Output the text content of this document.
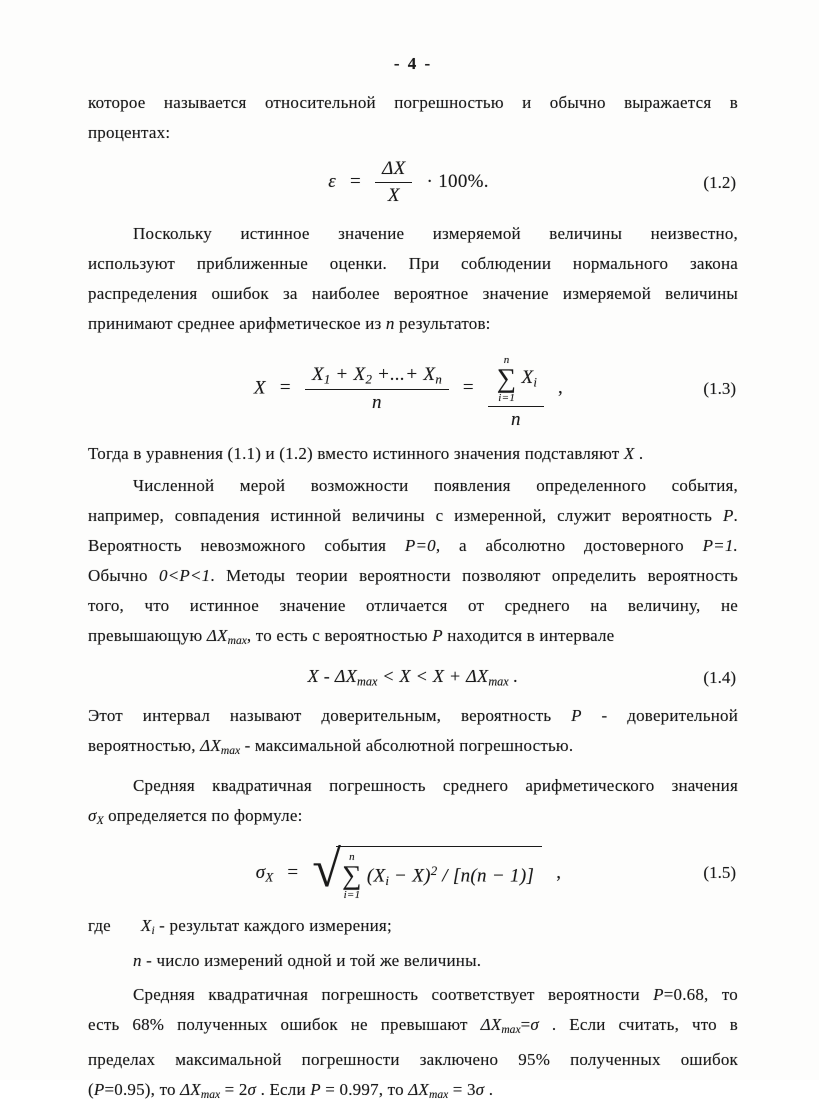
- 4 -
которое называется относительной погрешностью и обычно выражается в
процентах:
$\varepsilon = \frac{\Delta X}{X} \cdot 100\%$.	(1.2)
Поскольку истинное значение измеряемой величины неизвестно,
используют приближенные оценки. При соблюдении нормального закона
распределения ошибок за наиболее вероятное значение измеряемой величины
принимают среднее арифметическое из n результатов:
$X = \frac{X1 + X2 +...+ Xn}{n}$ =
n
∑
i=1
Xi
n
,	(1.3)
Тогда в уравнения (1.1) и (1.2) вместо истинного значения подставляют X .
Численной мерой возможности появления определенного события,
например, совпадения истинной величины с измеренной, служит вероятность P.
Вероятность невозможного события P=0, а абсолютно достоверного P=1.
Обычно 0<P<1. Методы теории вероятности позволяют определить вероятность
того, что истинное значение отличается от среднего на величину, не
превышающую ΔXmax, то есть с вероятностью P находится в интервале
X - ΔXmax < X < X + ΔXmax .	(1.4)
Этот интервал называют доверительным, вероятность P - доверительной
вероятностью, ΔXmax - максимальной абсолютной погрешностью.
Средняя квадратичная погрешность среднего арифметического значения
σX определяется по формуле:
σX = √ n
∑
i=1
$(Xi - X)^2 / [n(n - 1)]$ ,	(1.5)
где Xi - результат каждого измерения;
n - число измерений одной и той же величины.
Средняя квадратичная погрешность соответствует вероятности P=0.68, то
есть 68% полученных ошибок не превышают ΔXmax=σ . Если считать, что в
пределах максимальной погрешности заключено 95% полученных ошибок
(P=0.95), то ΔXmax = 2σ . Если P = 0.997, то ΔXmax = 3σ .
